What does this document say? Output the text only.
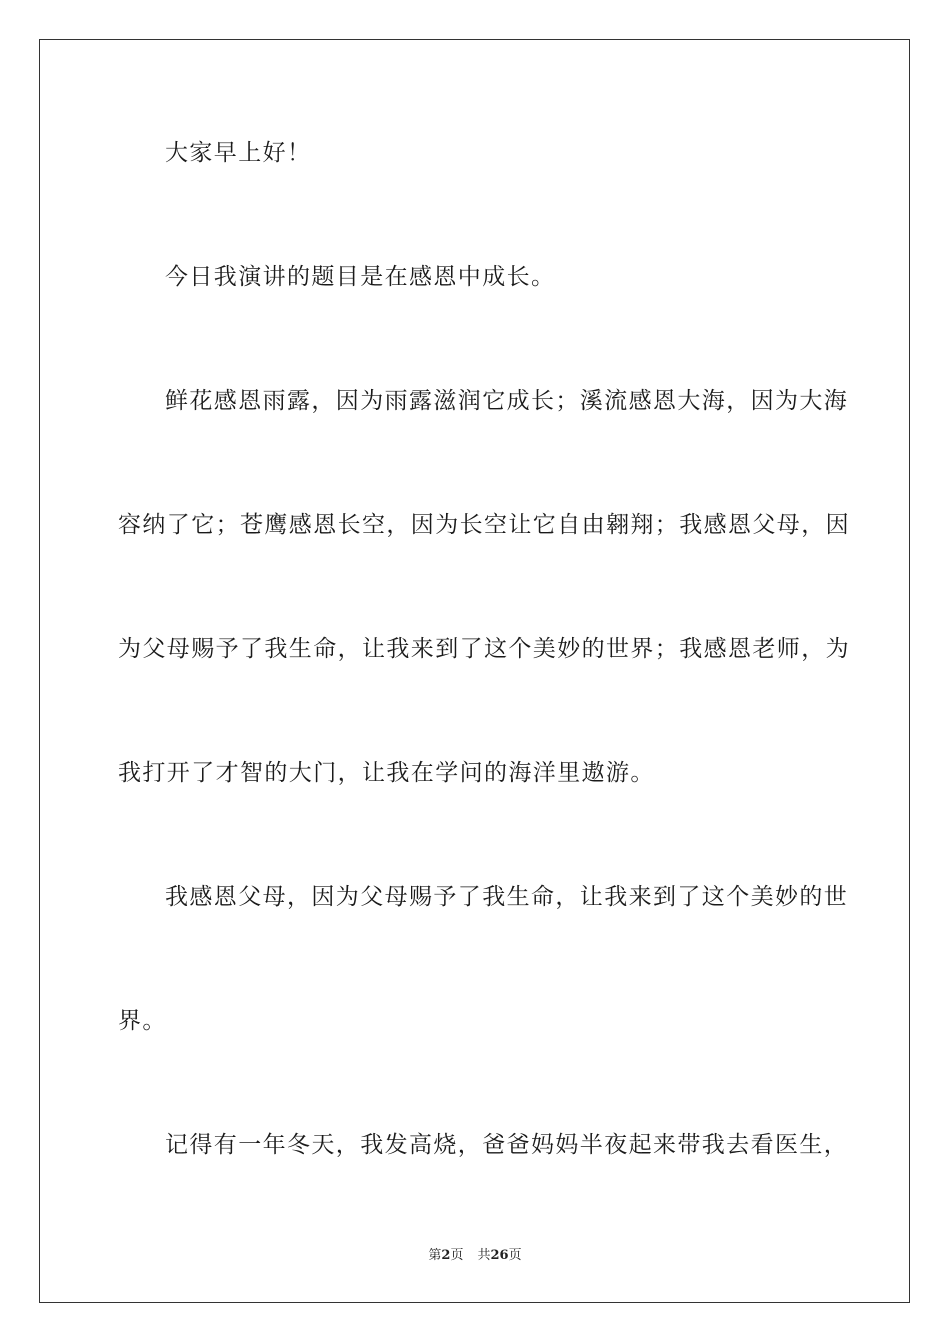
大家早上好！

今日我演讲的题目是在感恩中成长。

鲜花感恩雨露，因为雨露滋润它成长；溪流感恩大海，因为大海

容纳了它；苍鹰感恩长空，因为长空让它自由翱翔；我感恩父母，因

为父母赐予了我生命，让我来到了这个美妙的世界；我感恩老师，为

我打开了才智的大门，让我在学问的海洋里遨游。

我感恩父母，因为父母赐予了我生命，让我来到了这个美妙的世

界。

记得有一年冬天，我发高烧，爸爸妈妈半夜起来带我去看医生，

第2页 共26页
